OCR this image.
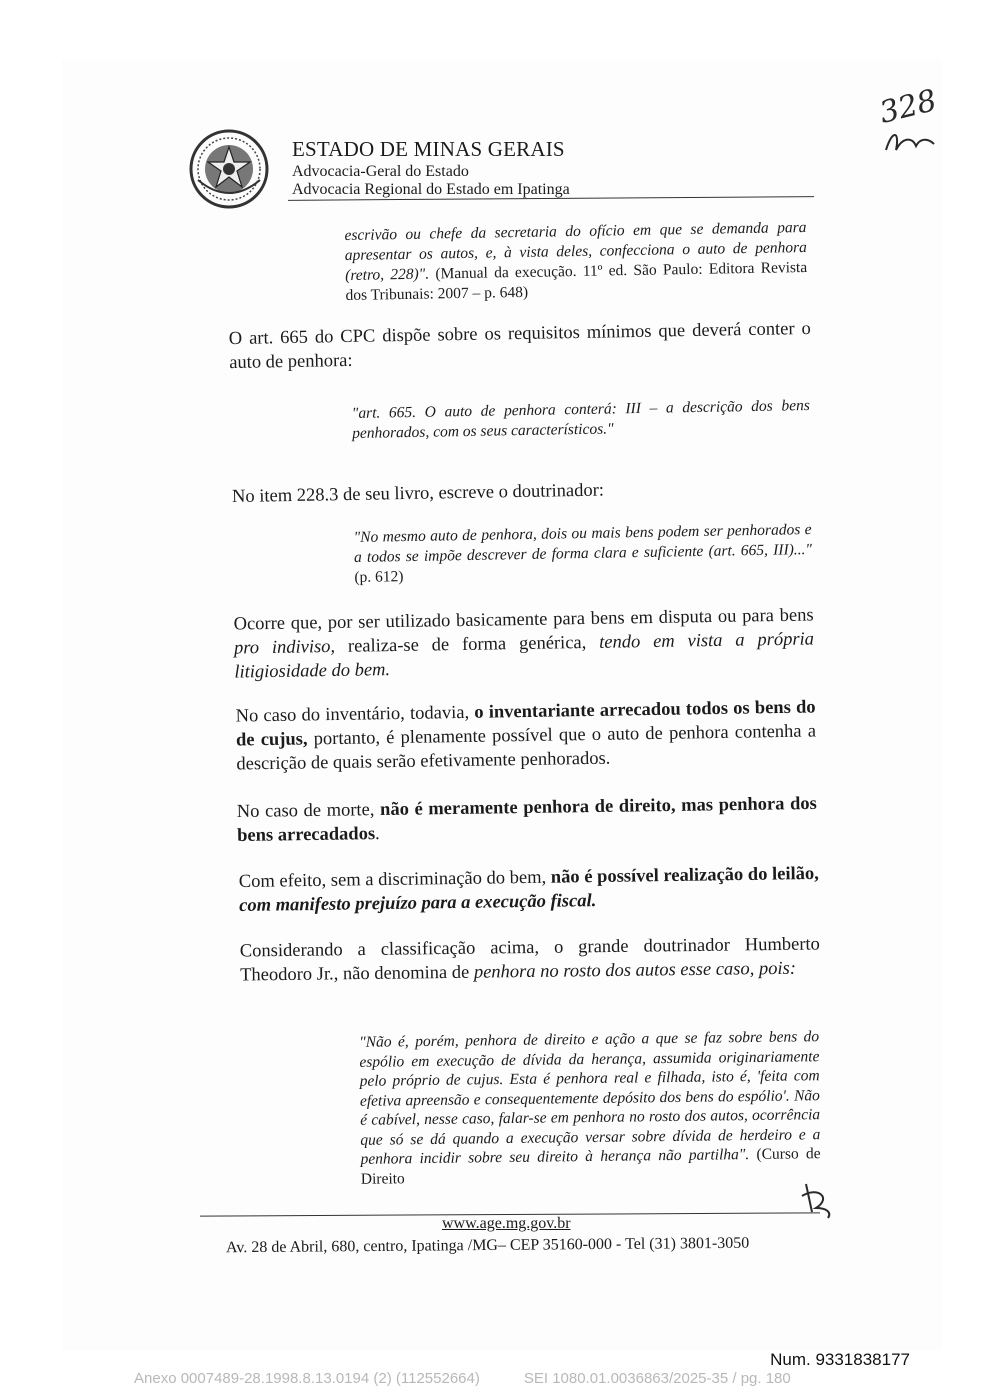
ESTADO DE MINAS GERAIS
Advocacia-Geral do Estado
Advocacia Regional do Estado em Ipatinga
328
escrivão ou chefe da secretaria do ofício em que se demanda para apresentar os autos, e, à vista deles, confecciona o auto de penhora (retro, 228)". (Manual da execução. 11º ed. São Paulo: Editora Revista dos Tribunais: 2007 – p. 648)
O art. 665 do CPC dispõe sobre os requisitos mínimos que deverá conter o auto de penhora:
"art. 665. O auto de penhora conterá: III – a descrição dos bens penhorados, com os seus característicos."
No item 228.3 de seu livro, escreve o doutrinador:
"No mesmo auto de penhora, dois ou mais bens podem ser penhorados e a todos se impõe descrever de forma clara e suficiente (art. 665, III)..." (p. 612)
Ocorre que, por ser utilizado basicamente para bens em disputa ou para bens pro indiviso, realiza-se de forma genérica, tendo em vista a própria litigiosidade do bem.
No caso do inventário, todavia, o inventariante arrecadou todos os bens do de cujus, portanto, é plenamente possível que o auto de penhora contenha a descrição de quais serão efetivamente penhorados.
No caso de morte, não é meramente penhora de direito, mas penhora dos bens arrecadados.
Com efeito, sem a discriminação do bem, não é possível realização do leilão, com manifesto prejuízo para a execução fiscal.
Considerando a classificação acima, o grande doutrinador Humberto Theodoro Jr., não denomina de penhora no rosto dos autos esse caso, pois:
"Não é, porém, penhora de direito e ação a que se faz sobre bens do espólio em execução de dívida da herança, assumida originariamente pelo próprio de cujus. Esta é penhora real e filhada, isto é, 'feita com efetiva apreensão e consequentemente depósito dos bens do espólio'. Não é cabível, nesse caso, falar-se em penhora no rosto dos autos, ocorrência que só se dá quando a execução versar sobre dívida de herdeiro e a penhora incidir sobre seu direito à herança não partilha". (Curso de Direito
www.age.mg.gov.br
Av. 28 de Abril, 680, centro, Ipatinga /MG– CEP 35160-000 - Tel (31) 3801-3050
Num. 9331838177
Anexo 0007489-28.1998.8.13.0194 (2) (112552664)	SEI 1080.01.0036863/2025-35 / pg. 180
